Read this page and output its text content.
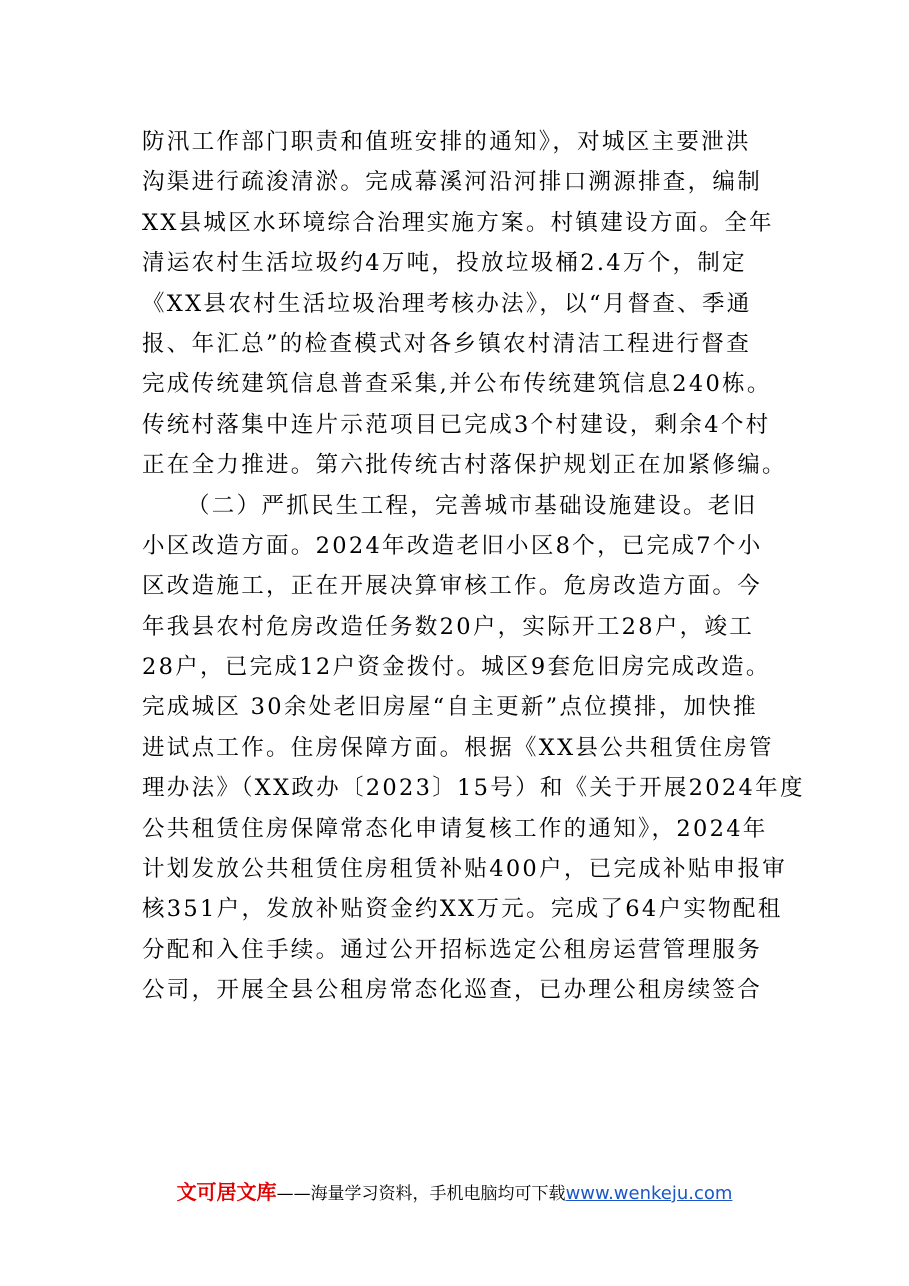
防汛工作部门职责和值班安排的通知》，对城区主要泄洪
沟渠进行疏浚清淤。完成幕溪河沿河排口溯源排查，编制
XX县城区水环境综合治理实施方案。村镇建设方面。全年
清运农村生活垃圾约4万吨，投放垃圾桶2.4万个，制定
《XX县农村生活垃圾治理考核办法》，以“月督查、季通
报、年汇总”的检查模式对各乡镇农村清洁工程进行督查
完成传统建筑信息普查采集,并公布传统建筑信息240栋。
传统村落集中连片示范项目已完成3个村建设，剩余4个村
正在全力推进。第六批传统古村落保护规划正在加紧修编。
（二）严抓民生工程，完善城市基础设施建设。老旧
小区改造方面。2024年改造老旧小区8个，已完成7个小
区改造施工，正在开展决算审核工作。危房改造方面。今
年我县农村危房改造任务数20户，实际开工28户，竣工
28户，已完成12户资金拨付。城区9套危旧房完成改造。
完成城区 30余处老旧房屋“自主更新”点位摸排，加快推
进试点工作。住房保障方面。根据《XX县公共租赁住房管
理办法》（XX政办〔2023〕15号）和《关于开展2024年度
公共租赁住房保障常态化申请复核工作的通知》，2024年
计划发放公共租赁住房租赁补贴400户，已完成补贴申报审
核351户，发放补贴资金约XX万元。完成了64户实物配租
分配和入住手续。通过公开招标选定公租房运营管理服务
公司，开展全县公租房常态化巡查，已办理公租房续签合
文可居文库——海量学习资料，手机电脑均可下载www.wenkeju.com
